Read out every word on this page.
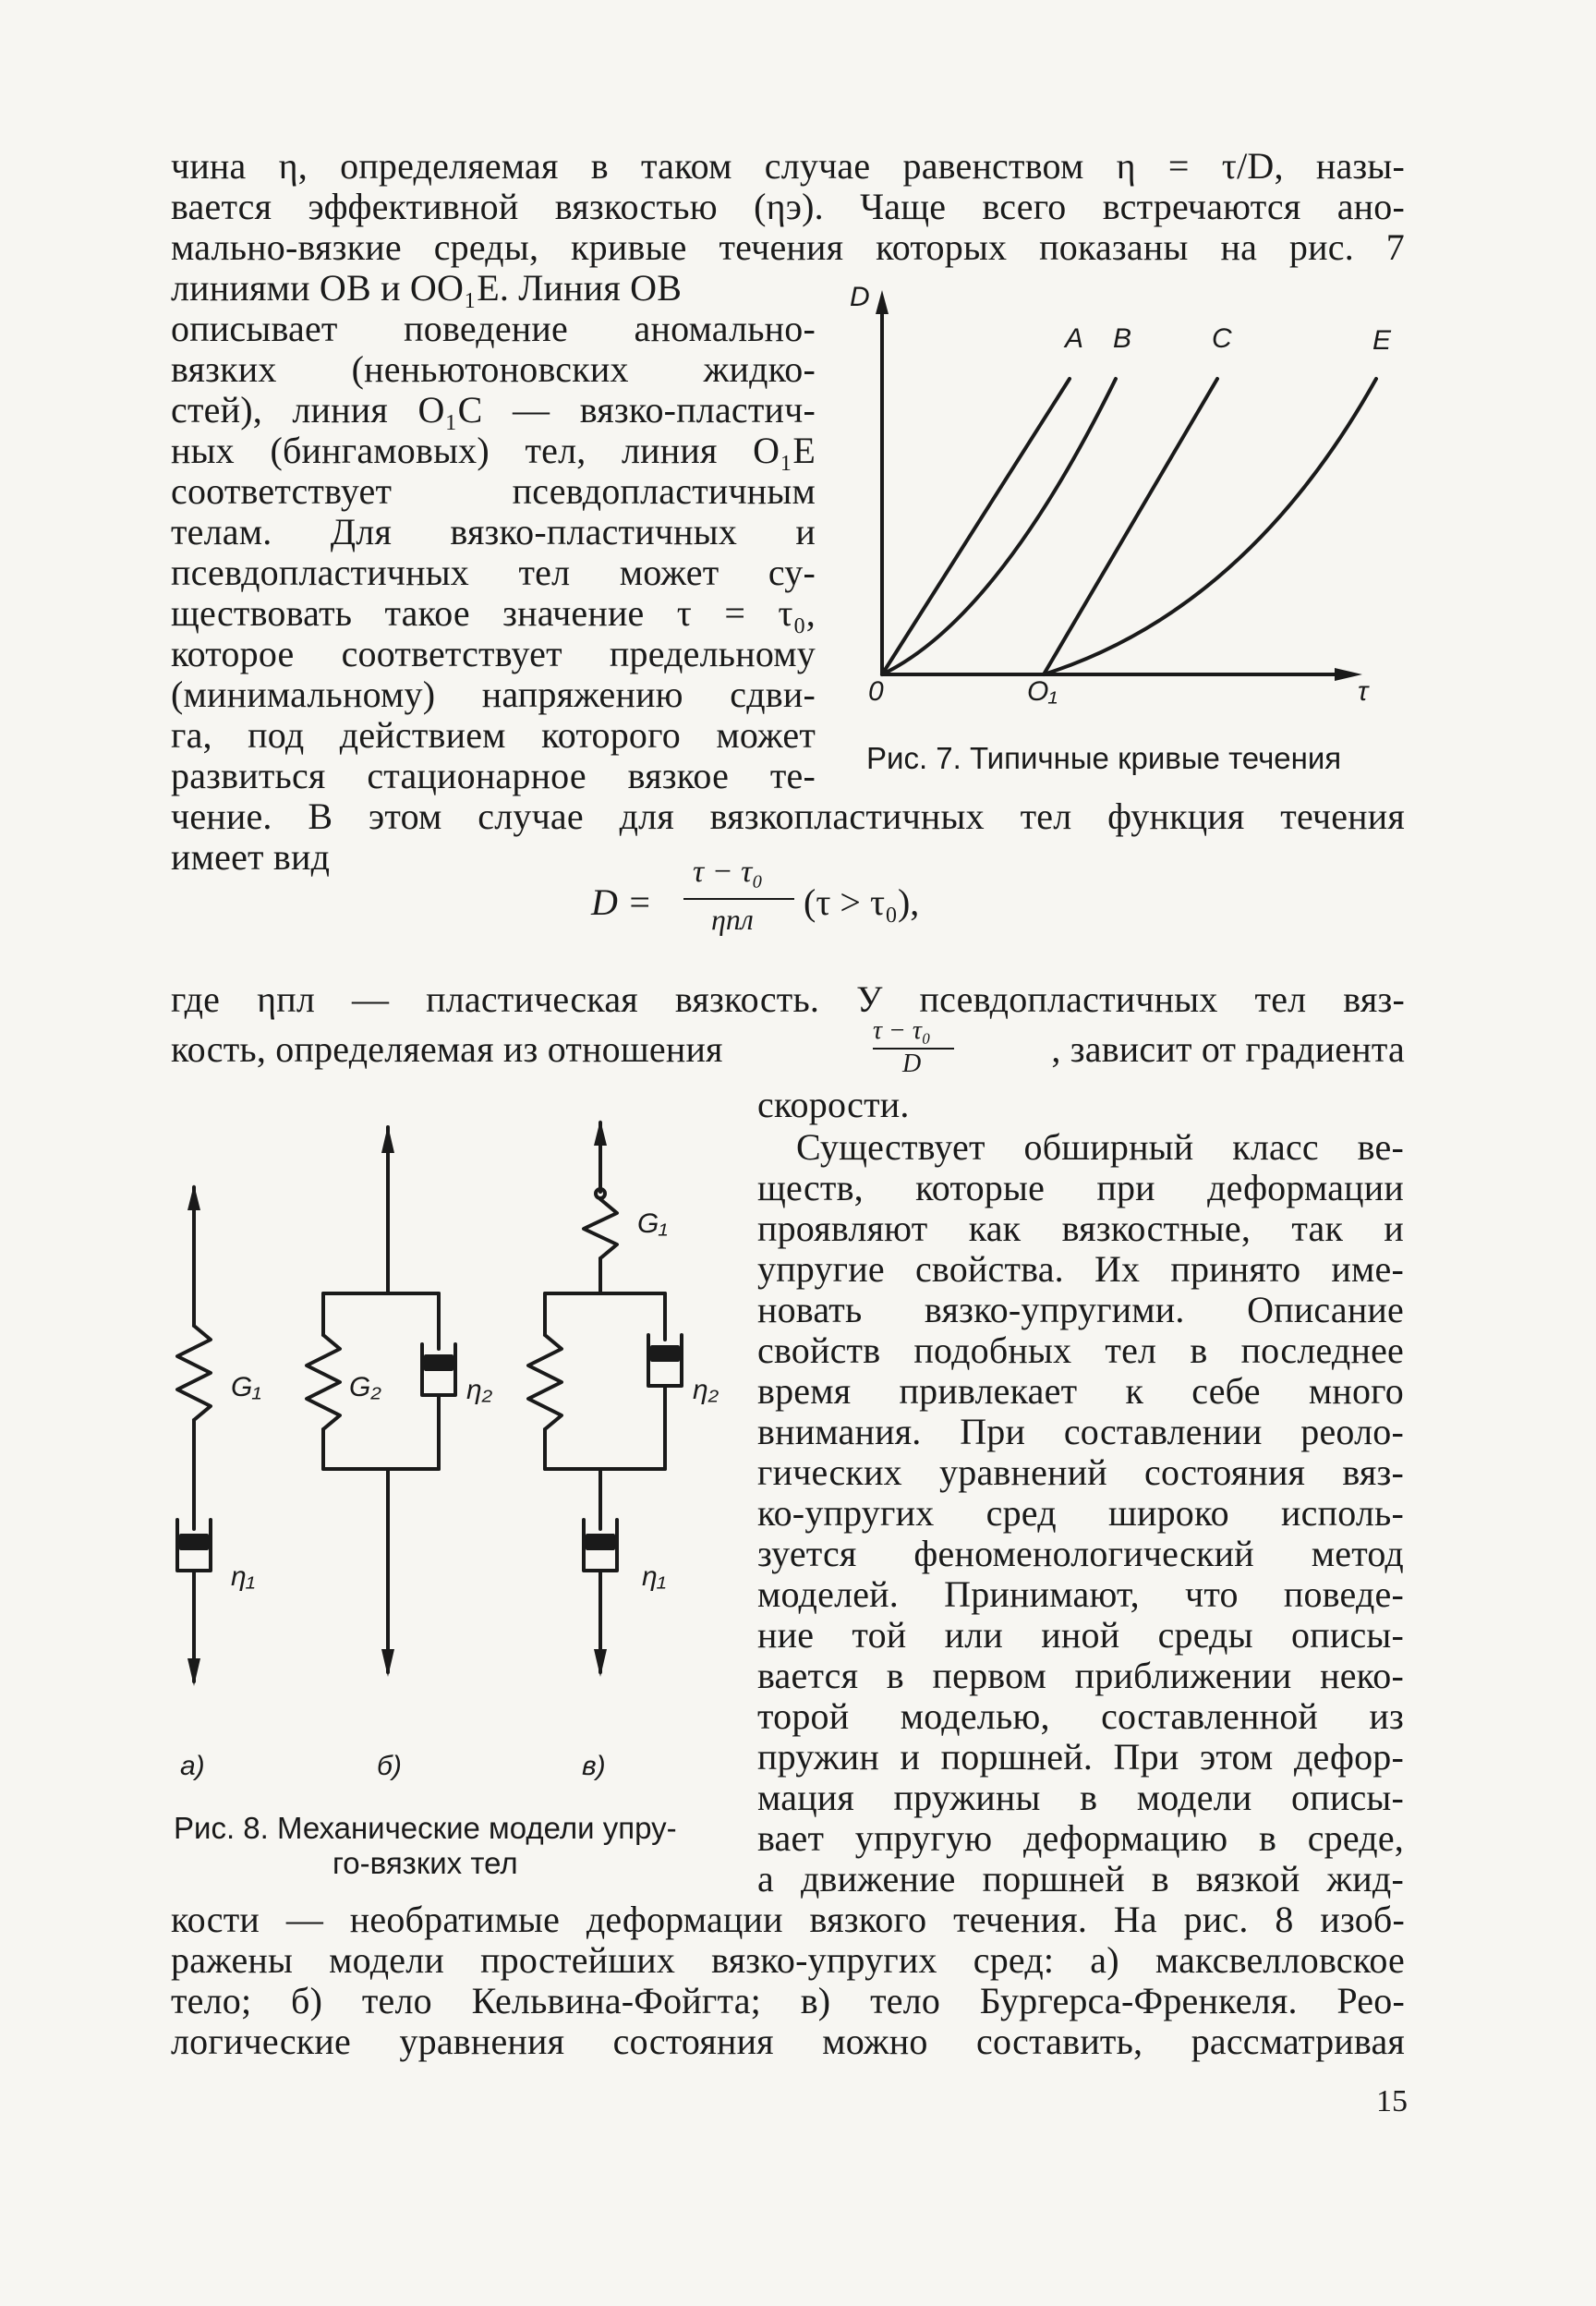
чина η, определяемая в таком случае равенством η = τ/D, назы-
вается эффективной вязкостью (ηэ). Чаще всего встречаются ано-
мально-вязкие среды, кривые течения которых показаны на рис. 7
линиями OB и OO₁E. Линия OB
описывает поведение аномально-
вязких (неньютоновских жидко-
стей), линия O₁C — вязко-пластич-
ных (бингамовых) тел, линия O₁E
соответствует псевдопластичным
телам. Для вязко-пластичных и
псевдопластичных тел может су-
ществовать такое значение τ = τ₀,
которое соответствует предельному
(минимальному) напряжению сдви-
га, под действием которого может
развиться стационарное вязкое те-
чение. В этом случае для вязкопластичных тел функция течения
имеет вид
D =
τ − τ₀
ηпл (τ > τ₀),
где ηпл — пластическая вязкость. У псевдопластичных тел вяз-
кость, определяемая из отношения	τ − τ₀
D	, зависит от градиента
скорости.
Существует обширный класс ве-
ществ, которые при деформации
проявляют как вязкостные, так и
упругие свойства. Их принято име-
новать вязко-упругими. Описание
свойств подобных тел в последнее
время привлекает к себе много
внимания. При составлении реоло-
гических уравнений состояния вяз-
ко-упругих сред широко исполь-
зуется феноменологический метод
моделей. Принимают, что поведе-
ние той или иной среды описы-
вается в первом приближении неко-
торой моделью, составленной из
пружин и поршней. При этом дефор-
мация пружины в модели описы-
вает упругую деформацию в среде,
а движение поршней в вязкой жид-
кости — необратимые деформации вязкого течения. На рис. 8 изоб-
ражены модели простейших вязко-упругих сред: а) максвелловское
тело; б) тело Кельвина-Фойгта; в) тело Бургерса-Френкеля. Рео-
логические уравнения состояния можно составить, рассматривая
15
D
τ
0	O₁
A B	C	E
Рис. 7. Типичные кривые течения
G₁
η₁
G₂	η₂
G₁
η₂
η₁
а)	б)	в)
Рис. 8. Механические модели упру-
го-вязких тел
